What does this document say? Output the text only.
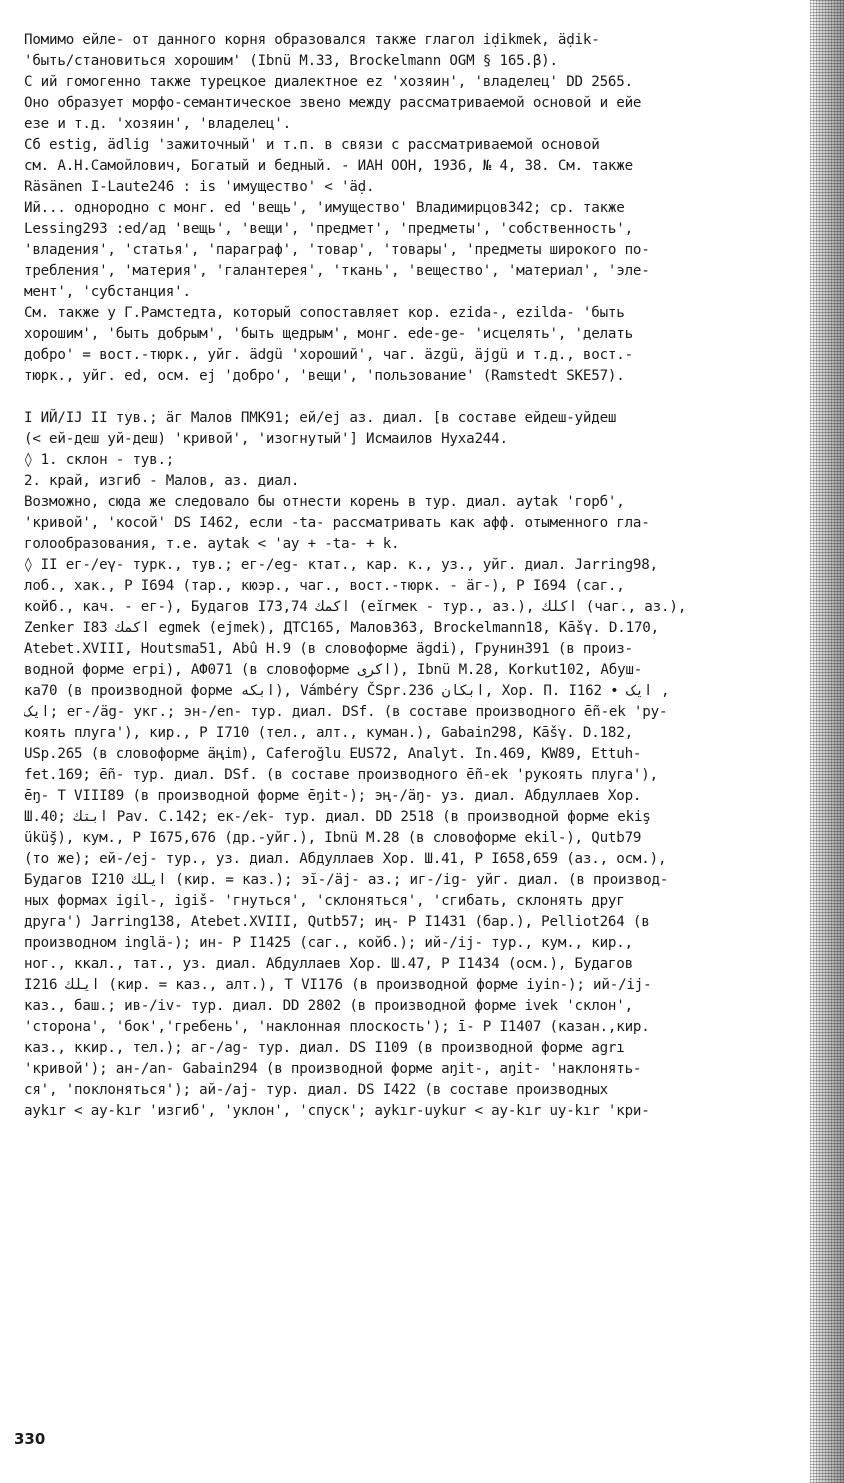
Помимо ейле- от данного корня образовался также глагол iḍikmek, äḍik-
'быть/становиться хорошим' (Ibnü M.33, Brockelmann OGM § 165.β).
С ий гомогенно также турецкое диалектное ez 'хозяин', 'владелец' DD 2565.
Оно образует морфо-семантическое звено между рассматриваемой основой и ейе
езе и т.д. 'хозяин', 'владелец'.
Сб estig, ädlig 'зажиточный' и т.п. в связи с рассматриваемой основой
см. А.Н.Самойлович, Богатый и бедный. - ИАН ООН, 1936, № 4, 38. См. также
Räsänen I-Laute246 : is 'имущество' < 'äḍ.
Ий... однородно с монг. ed 'вещь', 'имущество' Владимирцов342; ср. также
Lessing293 :ed/ад 'вещь', 'вещи', 'предмет', 'предметы', 'собственность',
'владения', 'статья', 'параграф', 'товар', 'товары', 'предметы широкого по-
требления', 'материя', 'галантерея', 'ткань', 'вещество', 'материал', 'эле-
мент', 'субстанция'.
См. также у Г.Рамстедта, который сопоставляет кор. ezida-, ezilda- 'быть
хорошим', 'быть добрым', 'быть щедрым', монг. ede-ge- 'исцелять', 'делать
добро' = вост.-тюрк., уйг. ädgü 'хороший', чаг. äzgü, äjgü и т.д., вост.-
тюрк., уйг. ed, осм. ej 'добро', 'вещи', 'пользование' (Ramstedt SKE57).
I ИЙ/IJ II тув.; äг Малов ПМК91; ей/ej аз. диал. [в составе ейдеш-уйдеш
(< ей-деш уй-деш) 'кривой', 'изогнутый'] Исмаилов Нуха244.
◊ 1. склон - тув.;
2. край, изгиб - Малов, аз. диал.
Возможно, сюда же следовало бы отнести корень в тур. диал. aytak 'горб',
'кривой', 'косой' DS I462, если -ta- рассматривать как афф. отыменного гла-
голообразования, т.е. aytak < 'ay + -ta- + k.
◊ II ег-/eγ- турк., тув.; ег-/eg- ктат., кар. к., уз., уйг. диал. Jarring98,
лоб., хак., Р I694 (тар., кюэр., чаг., вост.-тюрк. - äг-), Р I694 (саг.,
койб., кач. - ег-), Будагов I73,74 اكمك (eĭгмек - тур., аз.), اكلك (чаг., аз.),
Zenker I83 اكمك egmek (ejmek), ДТС165, Малов363, Brockelmann18, Kāšγ. D.170,
Atebet.XVIII, Houtsma51, Abû H.9 (в словоформе ägdi), Грунин391 (в произ-
водной форме егрі), АФ071 (в словоформе اكرى), Ibnü M.28, Korkut102, Абуш-
ка70 (в производной форме ابكه), Vámbéry ČSpr.236 ابكان, Хор. П. I162 • ایک ,
ایک; ег-/äg- укг.; эн-/en- тур. диал. DSf. (в составе производного ēñ-ek 'ру-
коять плуга'), кир., Р I710 (тел., алт., куман.), Gabain298, Kāšγ. D.182,
USp.265 (в словоформе äңim), Caferoğlu EUS72, Analyt. In.469, KW89, Ettuh-
fet.169; ēñ- тур. диал. DSf. (в составе производного ēñ-ek 'рукоять плуга'),
ēŋ- Т VIII89 (в производной форме ēŋit-); эң-/äŋ- уз. диал. Абдуллаев Хор.
Ш.40; ابتك Pav. C.142; ек-/ek- тур. диал. DD 2518 (в производной форме ekiş
ükü̆ş), кум., Р I675,676 (др.-уйг.), Ibnü M.28 (в словоформе ekil-), Qutb79
(то же); ей-/ej- тур., уз. диал. Абдуллаев Хор. Ш.41, Р I658,659 (аз., осм.),
Будагов I210 ایلك (кир. = каз.); эĭ-/äj- аз.; иг-/ig- уйг. диал. (в производ-
ных формах igil-, igiš- 'гнуться', 'склоняться', 'сгибать, склонять друг
друга') Jarring138, Atebet.XVIII, Qutb57; иң- Р I1431 (бар.), Pelliot264 (в
производном inglä-); ин- Р I1425 (саг., койб.); ий-/ij- тур., кум., кир.,
ног., ккал., тат., уз. диал. Абдуллаев Хор. Ш.47, Р I1434 (осм.), Будагов
I216 ایلك (кир. = каз., алт.), Т VI176 (в производной форме iyin-); ий-/ij-
каз., баш.; ив-/iv- тур. диал. DD 2802 (в производной форме ivek 'склон',
'сторона', 'бок','гребень', 'наклонная плоскость'); ī- Р I1407 (казан.,кир.
каз., ккир., тел.); аг-/ag- тур. диал. DS I109 (в производной форме agrı
'кривой'); ан-/an- Gabain294 (в производной форме aŋit-, aŋit- 'наклонять-
ся', 'поклоняться'); ай-/aj- тур. диал. DS I422 (в составе производных
aykır < ay-kır 'изгиб', 'уклон', 'спуск'; aykır-uykur < ay-kır uy-kır 'кри-
330
